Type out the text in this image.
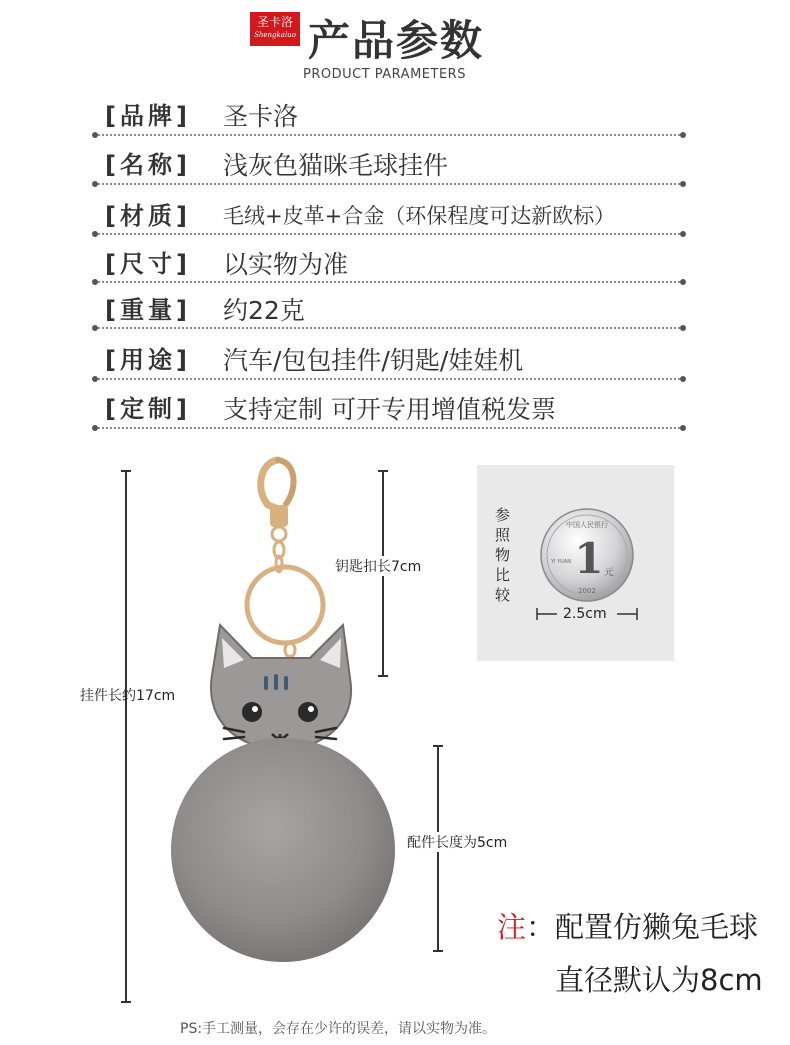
圣卡洛
Shengkaluo 产品参数
PRODUCT PARAMETERS
[品牌] 圣卡洛
[名称] 浅灰色猫咪毛球挂件
[材质] 毛绒+皮革+合金（环保程度可达新欧标）
[尺寸] 以实物为准
[重量] 约22克
[用途] 汽车/包包挂件/钥匙/娃娃机
[定制] 支持定制 可开专用增值税发票
挂件长约17cm
钥匙扣长7cm
配件长度为5cm
参照物比较
中国人民银行
1 元
YI YUAN
2002
2.5cm
注：配置仿獭兔毛球
直径默认为8cm
PS:手工测量，会存在少许的误差，请以实物为准。
